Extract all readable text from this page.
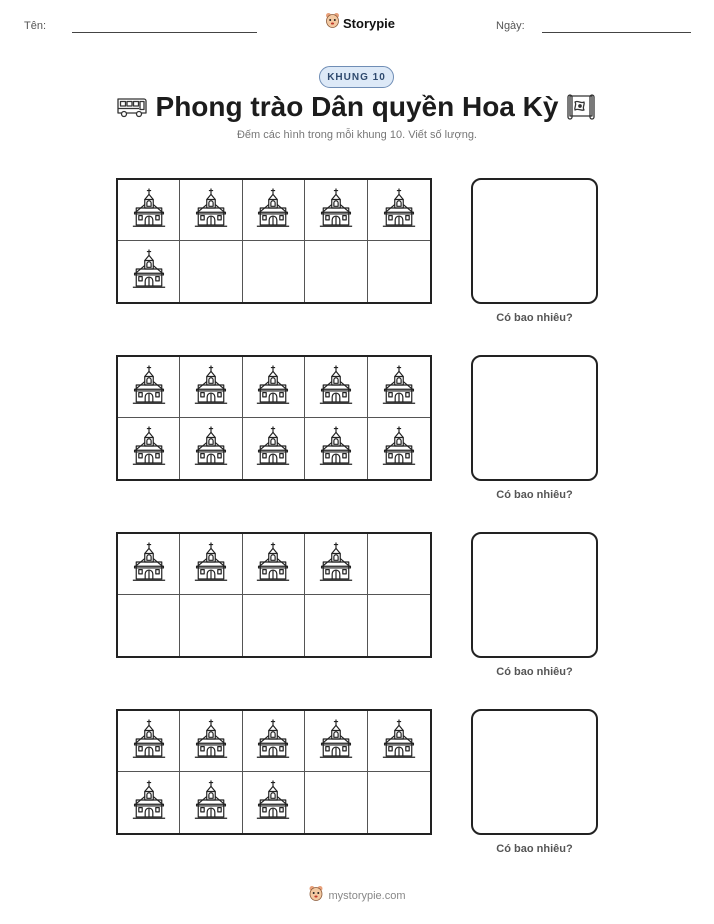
Tên:	Storypie	Ngày:
KHUNG 10
Phong trào Dân quyền Hoa Kỳ
Đếm các hình trong mỗi khung 10. Viết số lượng.
Có bao nhiêu?
Có bao nhiêu?
Có bao nhiêu?
Có bao nhiêu?
mystorypie.com
